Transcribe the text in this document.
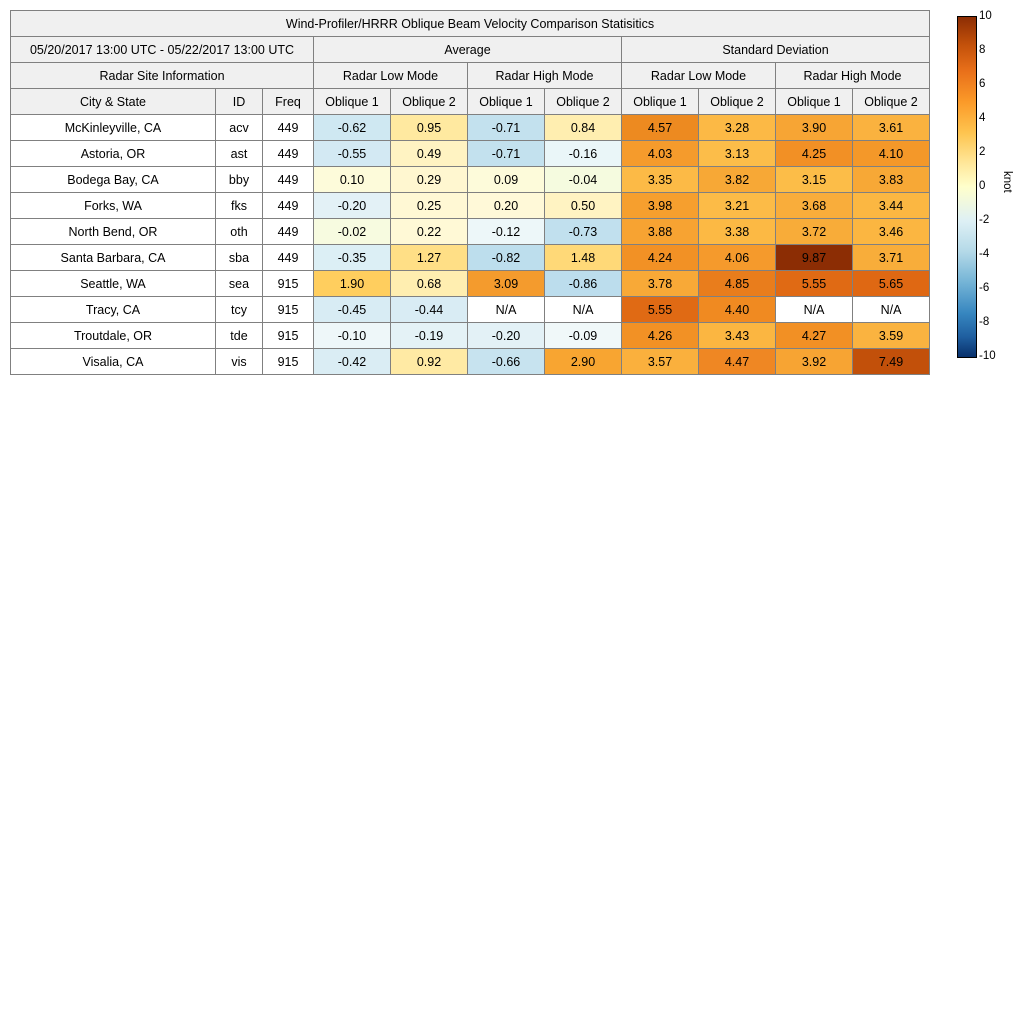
Wind-Profiler/HRRR Oblique Beam Velocity Comparison Statisitics										
05/20/2017 13:00 UTC - 05/22/2017 13:00 UTC			Average				Standard Deviation			
Radar Site Information			Radar Low Mode		Radar High Mode		Radar Low Mode		Radar High Mode	
City & State	ID	Freq	Oblique 1	Oblique 2	Oblique 1	Oblique 2	Oblique 1	Oblique 2	Oblique 1	Oblique 2
McKinleyville, CA	acv	449	-0.62	0.95	-0.71	0.84	4.57	3.28	3.90	3.61
Astoria, OR	ast	449	-0.55	0.49	-0.71	-0.16	4.03	3.13	4.25	4.10
Bodega Bay, CA	bby	449	0.10	0.29	0.09	-0.04	3.35	3.82	3.15	3.83
Forks, WA	fks	449	-0.20	0.25	0.20	0.50	3.98	3.21	3.68	3.44
North Bend, OR	oth	449	-0.02	0.22	-0.12	-0.73	3.88	3.38	3.72	3.46
Santa Barbara, CA	sba	449	-0.35	1.27	-0.82	1.48	4.24	4.06	9.87	3.71
Seattle, WA	sea	915	1.90	0.68	3.09	-0.86	3.78	4.85	5.55	5.65
Tracy, CA	tcy	915	-0.45	-0.44	N/A	N/A	5.55	4.40	N/A	N/A
Troutdale, OR	tde	915	-0.10	-0.19	-0.20	-0.09	4.26	3.43	4.27	3.59
Visalia, CA	vis	915	-0.42	0.92	-0.66	2.90	3.57	4.47	3.92	7.49
10
8
6
4
2
0
-2
-4
-6
-8
-10
knot
